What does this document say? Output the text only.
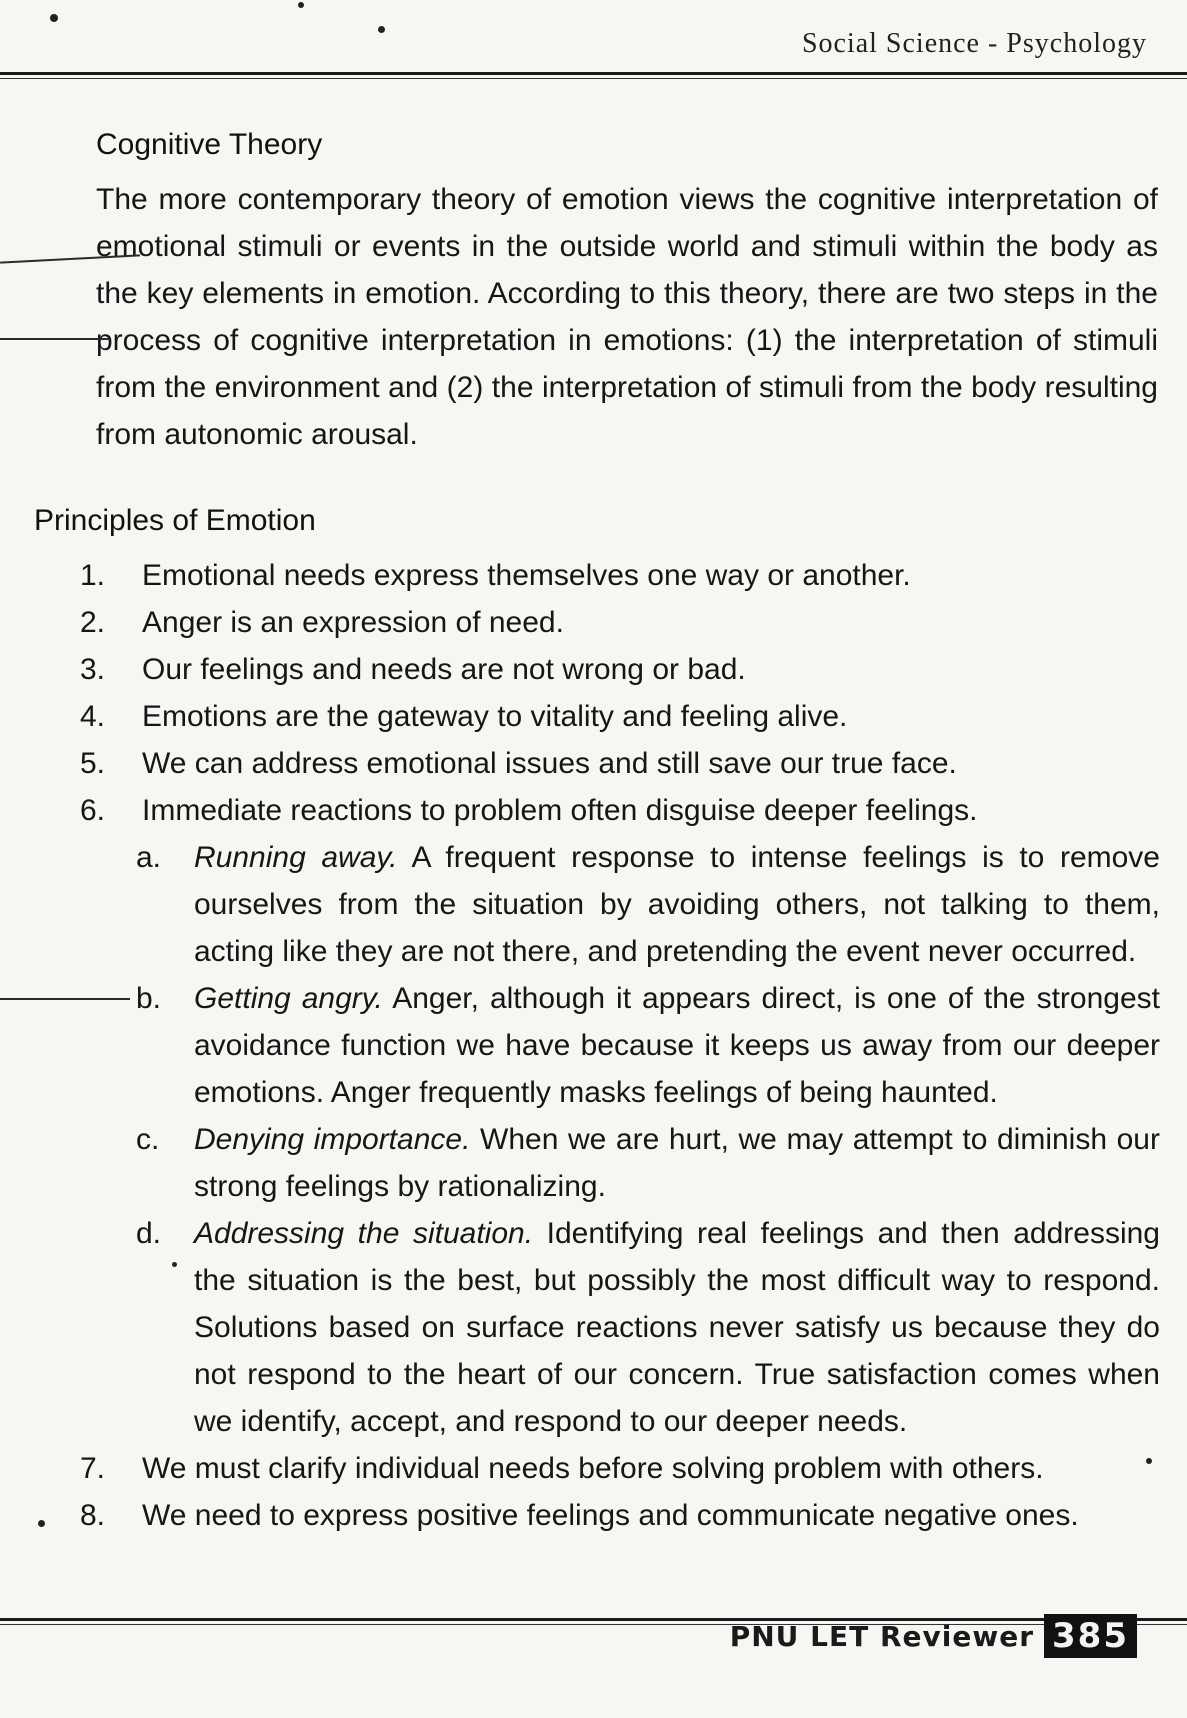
Social Science - Psychology
Cognitive Theory
The more contemporary theory of emotion views the cognitive interpretation of emotional stimuli or events in the outside world and stimuli within the body as the key elements in emotion. According to this theory, there are two steps in the process of cognitive interpretation in emotions: (1) the interpretation of stimuli from the environment and (2) the interpretation of stimuli from the body resulting from autonomic arousal.
Principles of Emotion
1.	Emotional needs express themselves one way or another.
2.	Anger is an expression of need.
3.	Our feelings and needs are not wrong or bad.
4.	Emotions are the gateway to vitality and feeling alive.
5.	We can address emotional issues and still save our true face.
6.	Immediate reactions to problem often disguise deeper feelings.
a.	Running away. A frequent response to intense feelings is to remove ourselves from the situation by avoiding others, not talking to them, acting like they are not there, and pretending the event never occurred.
b.	Getting angry. Anger, although it appears direct, is one of the strongest avoidance function we have because it keeps us away from our deeper emotions. Anger frequently masks feelings of being haunted.
c.	Denying importance. When we are hurt, we may attempt to diminish our strong feelings by rationalizing.
d.	Addressing the situation. Identifying real feelings and then addressing the situation is the best, but possibly the most difficult way to respond. Solutions based on surface reactions never satisfy us because they do not respond to the heart of our concern. True satisfaction comes when we identify, accept, and respond to our deeper needs.
7.	We must clarify individual needs before solving problem with others.
8.	We need to express positive feelings and communicate negative ones.
PNU LET Reviewer 385
